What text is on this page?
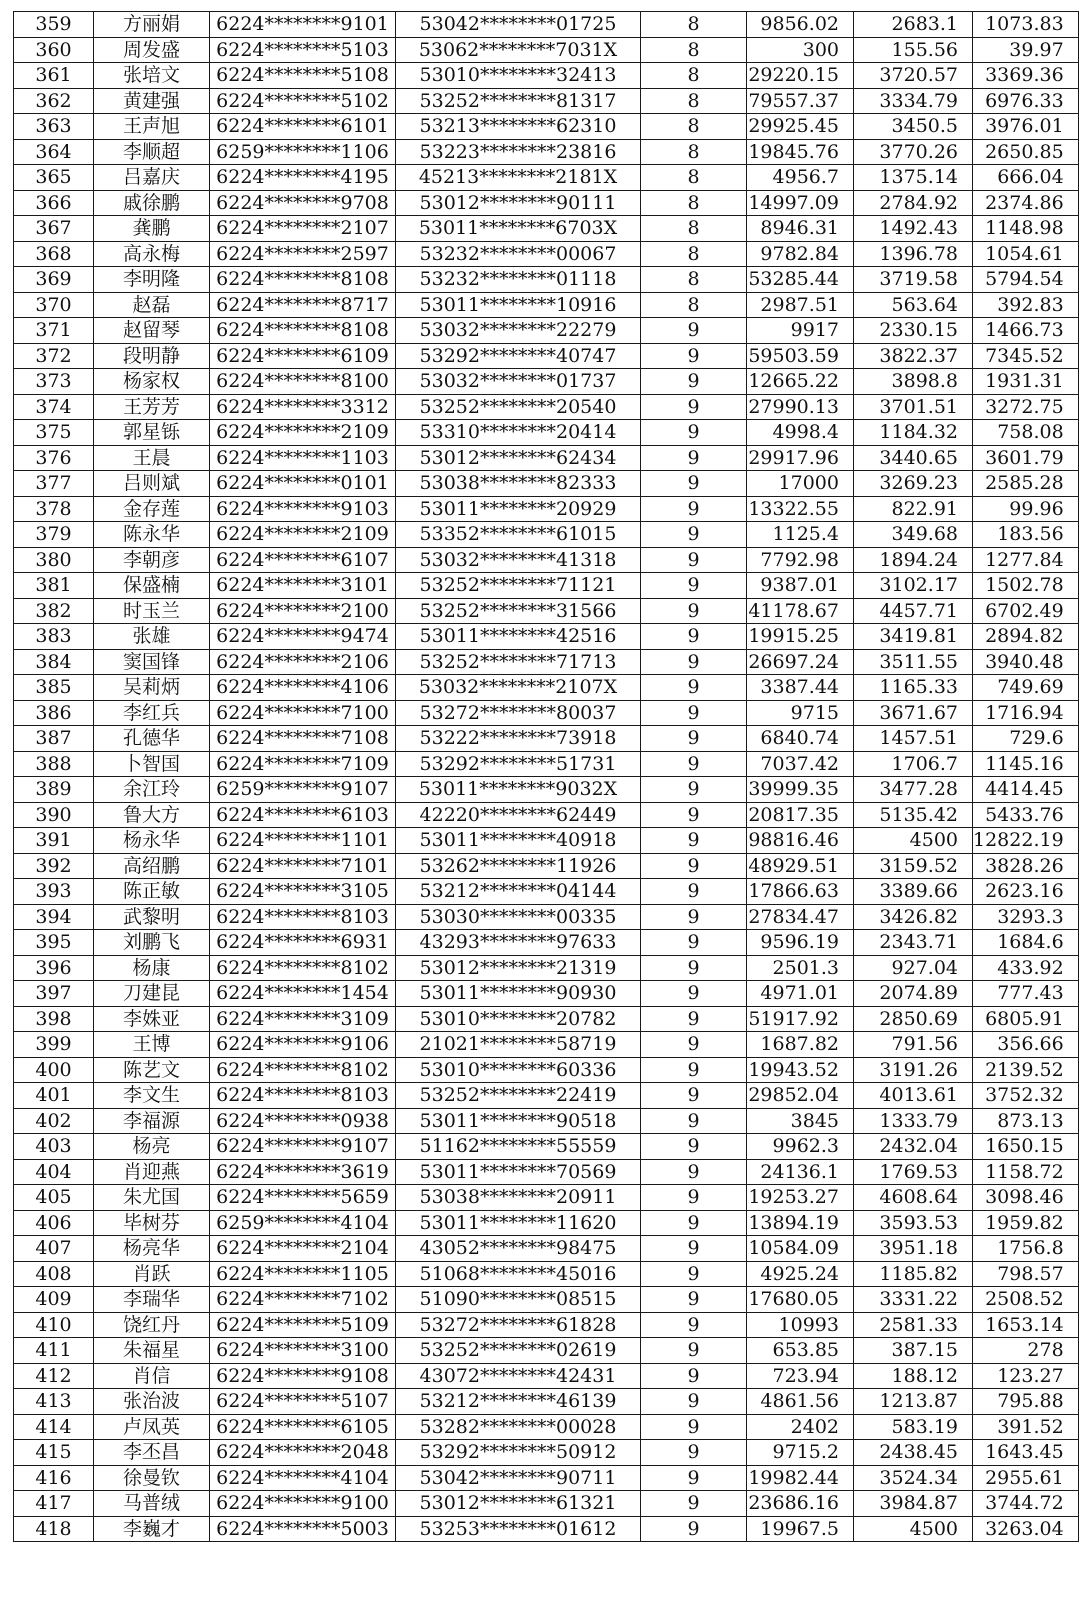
359	方丽娟	6224********9101	53042********01725	8	9856.02	2683.1	1073.83
360	周发盛	6224********5103	53062********7031X	8	300	155.56	39.97
361	张培文	6224********5108	53010********32413	8	29220.15	3720.57	3369.36
362	黄建强	6224********5102	53252********81317	8	79557.37	3334.79	6976.33
363	王声旭	6224********6101	53213********62310	8	29925.45	3450.5	3976.01
364	李顺超	6259********1106	53223********23816	8	19845.76	3770.26	2650.85
365	吕嘉庆	6224********4195	45213********2181X	8	4956.7	1375.14	666.04
366	戚徐鹏	6224********9708	53012********90111	8	14997.09	2784.92	2374.86
367	龚鹏	6224********2107	53011********6703X	8	8946.31	1492.43	1148.98
368	高永梅	6224********2597	53232********00067	8	9782.84	1396.78	1054.61
369	李明隆	6224********8108	53232********01118	8	53285.44	3719.58	5794.54
370	赵磊	6224********8717	53011********10916	8	2987.51	563.64	392.83
371	赵留琴	6224********8108	53032********22279	9	9917	2330.15	1466.73
372	段明静	6224********6109	53292********40747	9	59503.59	3822.37	7345.52
373	杨家权	6224********8100	53032********01737	9	12665.22	3898.8	1931.31
374	王芳芳	6224********3312	53252********20540	9	27990.13	3701.51	3272.75
375	郭星铄	6224********2109	53310********20414	9	4998.4	1184.32	758.08
376	王晨	6224********1103	53012********62434	9	29917.96	3440.65	3601.79
377	吕则斌	6224********0101	53038********82333	9	17000	3269.23	2585.28
378	金存莲	6224********9103	53011********20929	9	13322.55	822.91	99.96
379	陈永华	6224********2109	53352********61015	9	1125.4	349.68	183.56
380	李朝彦	6224********6107	53032********41318	9	7792.98	1894.24	1277.84
381	保盛楠	6224********3101	53252********71121	9	9387.01	3102.17	1502.78
382	时玉兰	6224********2100	53252********31566	9	41178.67	4457.71	6702.49
383	张雄	6224********9474	53011********42516	9	19915.25	3419.81	2894.82
384	窦国锋	6224********2106	53252********71713	9	26697.24	3511.55	3940.48
385	吴莉炳	6224********4106	53032********2107X	9	3387.44	1165.33	749.69
386	李红兵	6224********7100	53272********80037	9	9715	3671.67	1716.94
387	孔德华	6224********7108	53222********73918	9	6840.74	1457.51	729.6
388	卜智国	6224********7109	53292********51731	9	7037.42	1706.7	1145.16
389	余江玲	6259********9107	53011********9032X	9	39999.35	3477.28	4414.45
390	鲁大方	6224********6103	42220********62449	9	20817.35	5135.42	5433.76
391	杨永华	6224********1101	53011********40918	9	98816.46	4500	12822.19
392	高绍鹏	6224********7101	53262********11926	9	48929.51	3159.52	3828.26
393	陈正敏	6224********3105	53212********04144	9	17866.63	3389.66	2623.16
394	武黎明	6224********8103	53030********00335	9	27834.47	3426.82	3293.3
395	刘鹏飞	6224********6931	43293********97633	9	9596.19	2343.71	1684.6
396	杨康	6224********8102	53012********21319	9	2501.3	927.04	433.92
397	刀建昆	6224********1454	53011********90930	9	4971.01	2074.89	777.43
398	李姝亚	6224********3109	53010********20782	9	51917.92	2850.69	6805.91
399	王博	6224********9106	21021********58719	9	1687.82	791.56	356.66
400	陈艺文	6224********8102	53010********60336	9	19943.52	3191.26	2139.52
401	李文生	6224********8103	53252********22419	9	29852.04	4013.61	3752.32
402	李福源	6224********0938	53011********90518	9	3845	1333.79	873.13
403	杨亮	6224********9107	51162********55559	9	9962.3	2432.04	1650.15
404	肖迎燕	6224********3619	53011********70569	9	24136.1	1769.53	1158.72
405	朱尤国	6224********5659	53038********20911	9	19253.27	4608.64	3098.46
406	毕树芬	6259********4104	53011********11620	9	13894.19	3593.53	1959.82
407	杨亮华	6224********2104	43052********98475	9	10584.09	3951.18	1756.8
408	肖跃	6224********1105	51068********45016	9	4925.24	1185.82	798.57
409	李瑞华	6224********7102	51090********08515	9	17680.05	3331.22	2508.52
410	饶红丹	6224********5109	53272********61828	9	10993	2581.33	1653.14
411	朱福星	6224********3100	53252********02619	9	653.85	387.15	278
412	肖信	6224********9108	43072********42431	9	723.94	188.12	123.27
413	张治波	6224********5107	53212********46139	9	4861.56	1213.87	795.88
414	卢凤英	6224********6105	53282********00028	9	2402	583.19	391.52
415	李丕昌	6224********2048	53292********50912	9	9715.2	2438.45	1643.45
416	徐曼钦	6224********4104	53042********90711	9	19982.44	3524.34	2955.61
417	马普绒	6224********9100	53012********61321	9	23686.16	3984.87	3744.72
418	李巍才	6224********5003	53253********01612	9	19967.5	4500	3263.04
